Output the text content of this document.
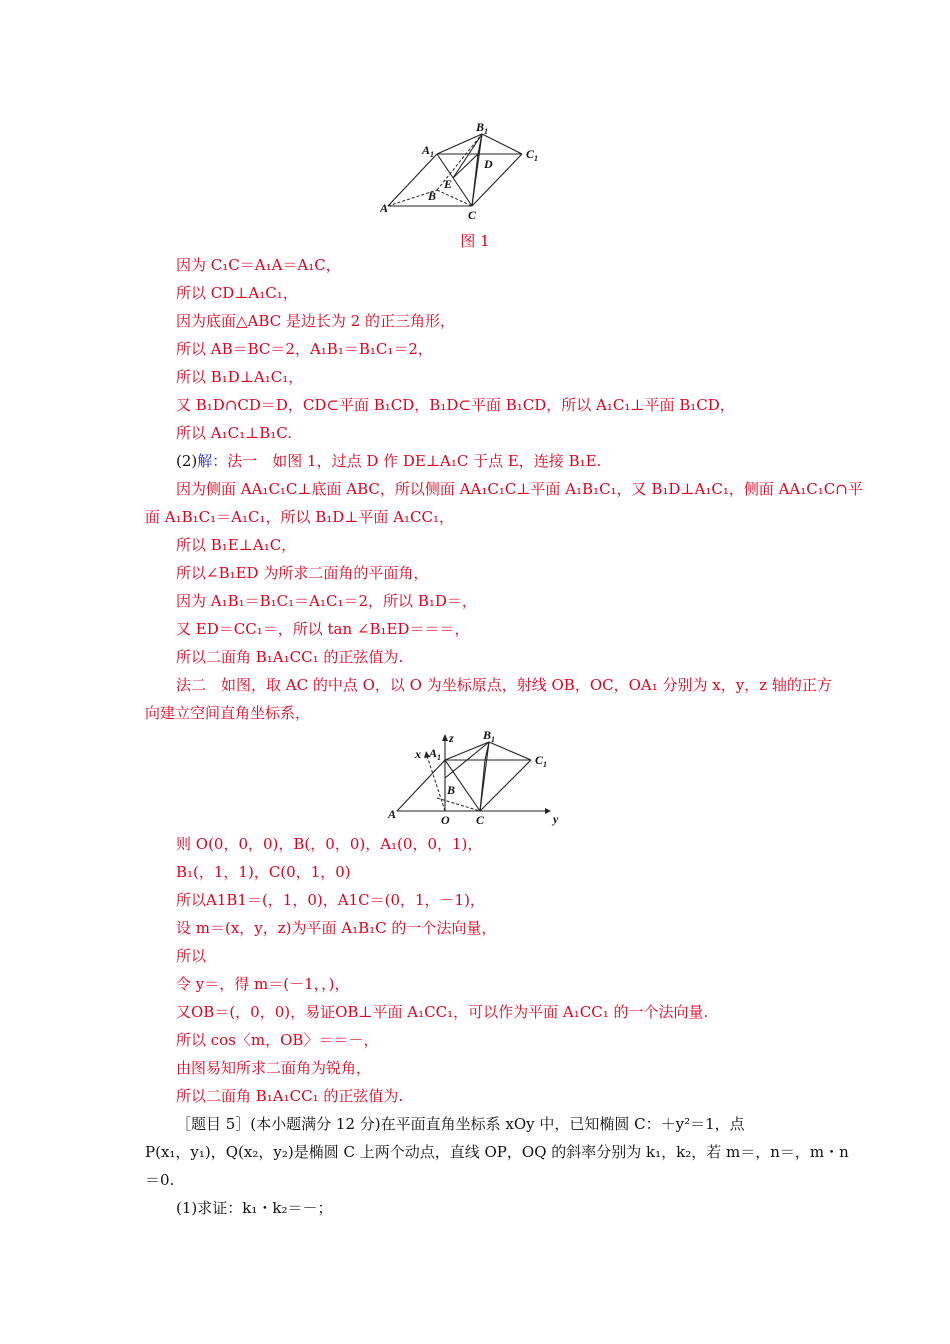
A
B
C
D
E
A 1
B 1
C 1
图 1
因为 C₁C＝A₁A＝A₁C，
所以 CD⊥A₁C₁，
因为底面△ABC 是边长为 2 的正三角形，
所以 AB＝BC＝2，A₁B₁＝B₁C₁＝2，
所以 B₁D⊥A₁C₁，
又 B₁D∩CD＝D，CD⊂平面 B₁CD，B₁D⊂平面 B₁CD，所以 A₁C₁⊥平面 B₁CD，
所以 A₁C₁⊥B₁C.
(2)解：法一　如图 1，过点 D 作 DE⊥A₁C 于点 E，连接 B₁E.
因为侧面 AA₁C₁C⊥底面 ABC，所以侧面 AA₁C₁C⊥平面 A₁B₁C₁，又 B₁D⊥A₁C₁，侧面 AA₁C₁C∩平
面 A₁B₁C₁＝A₁C₁，所以 B₁D⊥平面 A₁CC₁，
所以 B₁E⊥A₁C，
所以∠B₁ED 为所求二面角的平面角，
因为 A₁B₁＝B₁C₁＝A₁C₁＝2，所以 B₁D＝，
又 ED＝CC₁＝，所以 tan ∠B₁ED＝＝＝，
所以二面角 B₁A₁CC₁ 的正弦值为.
法二　如图，取 AC 的中点 O，以 O 为坐标原点，射线 OB，OC，OA₁ 分别为 x，y，z 轴的正方
向建立空间直角坐标系，
A
B
C
O
A 1
B 1
C 1
x
y
z
则 O(0，0，0)，B(，0，0)，A₁(0，0，1)，
B₁(，1，1)，C(0，1，0)
所以A1B1＝(，1，0)，A1C＝(0，1，－1)，
设 m＝(x，y，z)为平面 A₁B₁C 的一个法向量，
所以
令 y＝，得 m＝(－1，，)，
又OB＝(，0，0)，易证OB⊥平面 A₁CC₁，可以作为平面 A₁CC₁ 的一个法向量.
所以 cos〈m，OB〉＝＝－，
由图易知所求二面角为锐角，
所以二面角 B₁A₁CC₁ 的正弦值为.
［题目 5］(本小题满分 12 分)在平面直角坐标系 xOy 中，已知椭圆 C：＋y²＝1，点
P(x₁，y₁)，Q(x₂，y₂)是椭圆 C 上两个动点，直线 OP，OQ 的斜率分别为 k₁，k₂，若 m＝，n＝，m・n
＝0.
(1)求证：k₁・k₂＝－；
